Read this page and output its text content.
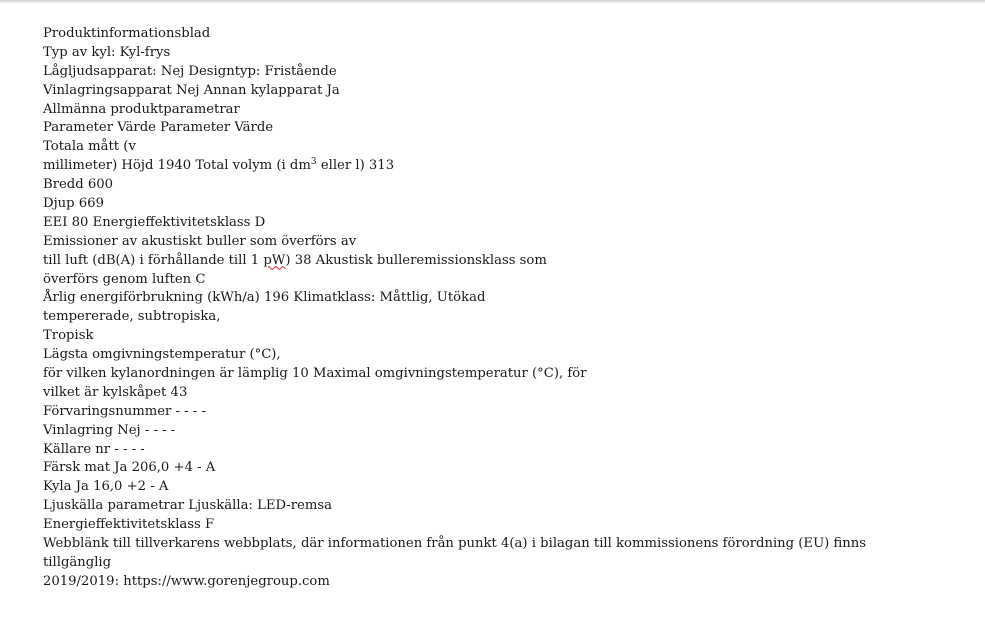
Produktinformationsblad
Typ av kyl: Kyl-frys
Lågljudsapparat: Nej Designtyp: Fristående
Vinlagringsapparat Nej Annan kylapparat Ja
Allmänna produktparametrar
Parameter Värde Parameter Värde
Totala mått (v
millimeter) Höjd 1940 Total volym (i $dm^3$ eller l) 313
Bredd 600
Djup 669
EEI 80 Energieffektivitetsklass D
Emissioner av akustiskt buller som överförs av
till luft (dB(A) i förhållande till 1 pW) 38 Akustisk bulleremissionsklass som
överförs genom luften C
Årlig energiförbrukning (kWh/a) 196 Klimatklass: Måttlig, Utökad
tempererade, subtropiska,
Tropisk
Lägsta omgivningstemperatur (°C),
för vilken kylanordningen är lämplig 10 Maximal omgivningstemperatur (°C), för
vilket är kylskåpet 43
Förvaringsnummer - - - -
Vinlagring Nej - - - -
Källare nr - - - -
Färsk mat Ja 206,0 +4 - A
Kyla Ja 16,0 +2 - A
Ljuskälla parametrar Ljuskälla: LED-remsa
Energieffektivitetsklass F
Webblänk till tillverkarens webbplats, där informationen från punkt 4(a) i bilagan till kommissionens förordning (EU) finns
tillgänglig
2019/2019: https://www.gorenjegroup.com
